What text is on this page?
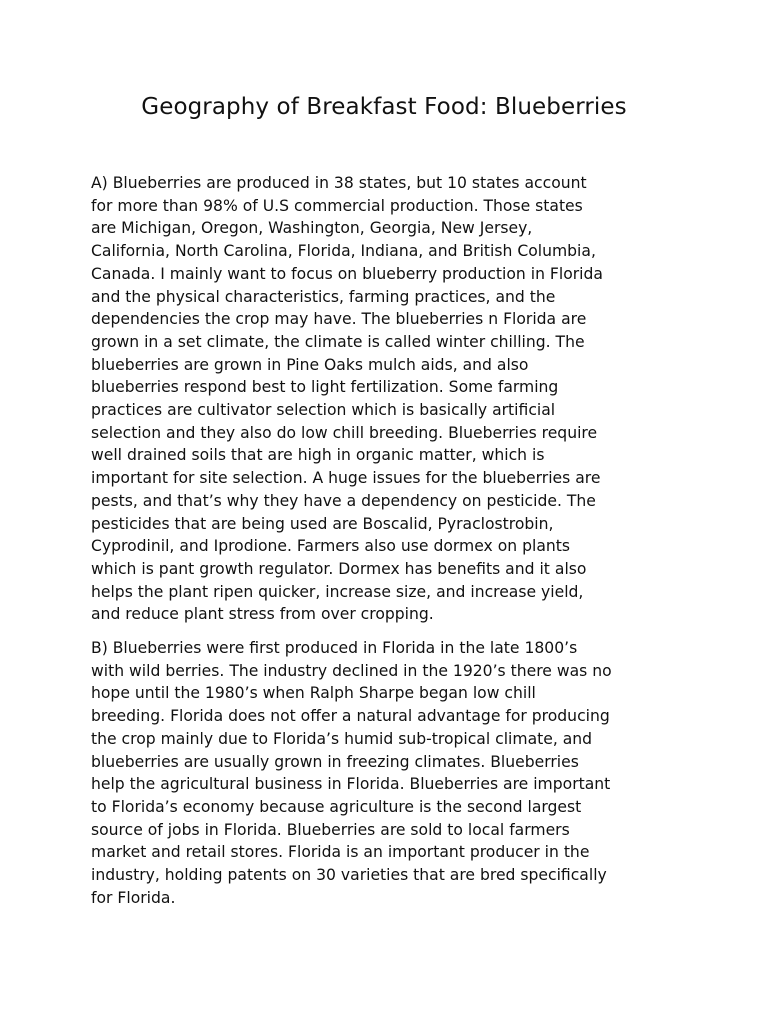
Geography of Breakfast Food: Blueberries

A) Blueberries are produced in 38 states, but 10 states account
for more than 98% of U.S commercial production. Those states
are Michigan, Oregon, Washington, Georgia, New Jersey,
California, North Carolina, Florida, Indiana, and British Columbia,
Canada. I mainly want to focus on blueberry production in Florida
and the physical characteristics, farming practices, and the
dependencies the crop may have. The blueberries n Florida are
grown in a set climate, the climate is called winter chilling. The
blueberries are grown in Pine Oaks mulch aids, and also
blueberries respond best to light fertilization. Some farming
practices are cultivator selection which is basically artificial
selection and they also do low chill breeding. Blueberries require
well drained soils that are high in organic matter, which is
important for site selection. A huge issues for the blueberries are
pests, and that’s why they have a dependency on pesticide. The
pesticides that are being used are Boscalid, Pyraclostrobin,
Cyprodinil, and Iprodione. Farmers also use dormex on plants
which is pant growth regulator. Dormex has benefits and it also
helps the plant ripen quicker, increase size, and increase yield,
and reduce plant stress from over cropping.

B) Blueberries were first produced in Florida in the late 1800’s
with wild berries. The industry declined in the 1920’s there was no
hope until the 1980’s when Ralph Sharpe began low chill
breeding. Florida does not offer a natural advantage for producing
the crop mainly due to Florida’s humid sub-tropical climate, and
blueberries are usually grown in freezing climates. Blueberries
help the agricultural business in Florida. Blueberries are important
to Florida’s economy because agriculture is the second largest
source of jobs in Florida. Blueberries are sold to local farmers
market and retail stores. Florida is an important producer in the
industry, holding patents on 30 varieties that are bred specifically
for Florida.
